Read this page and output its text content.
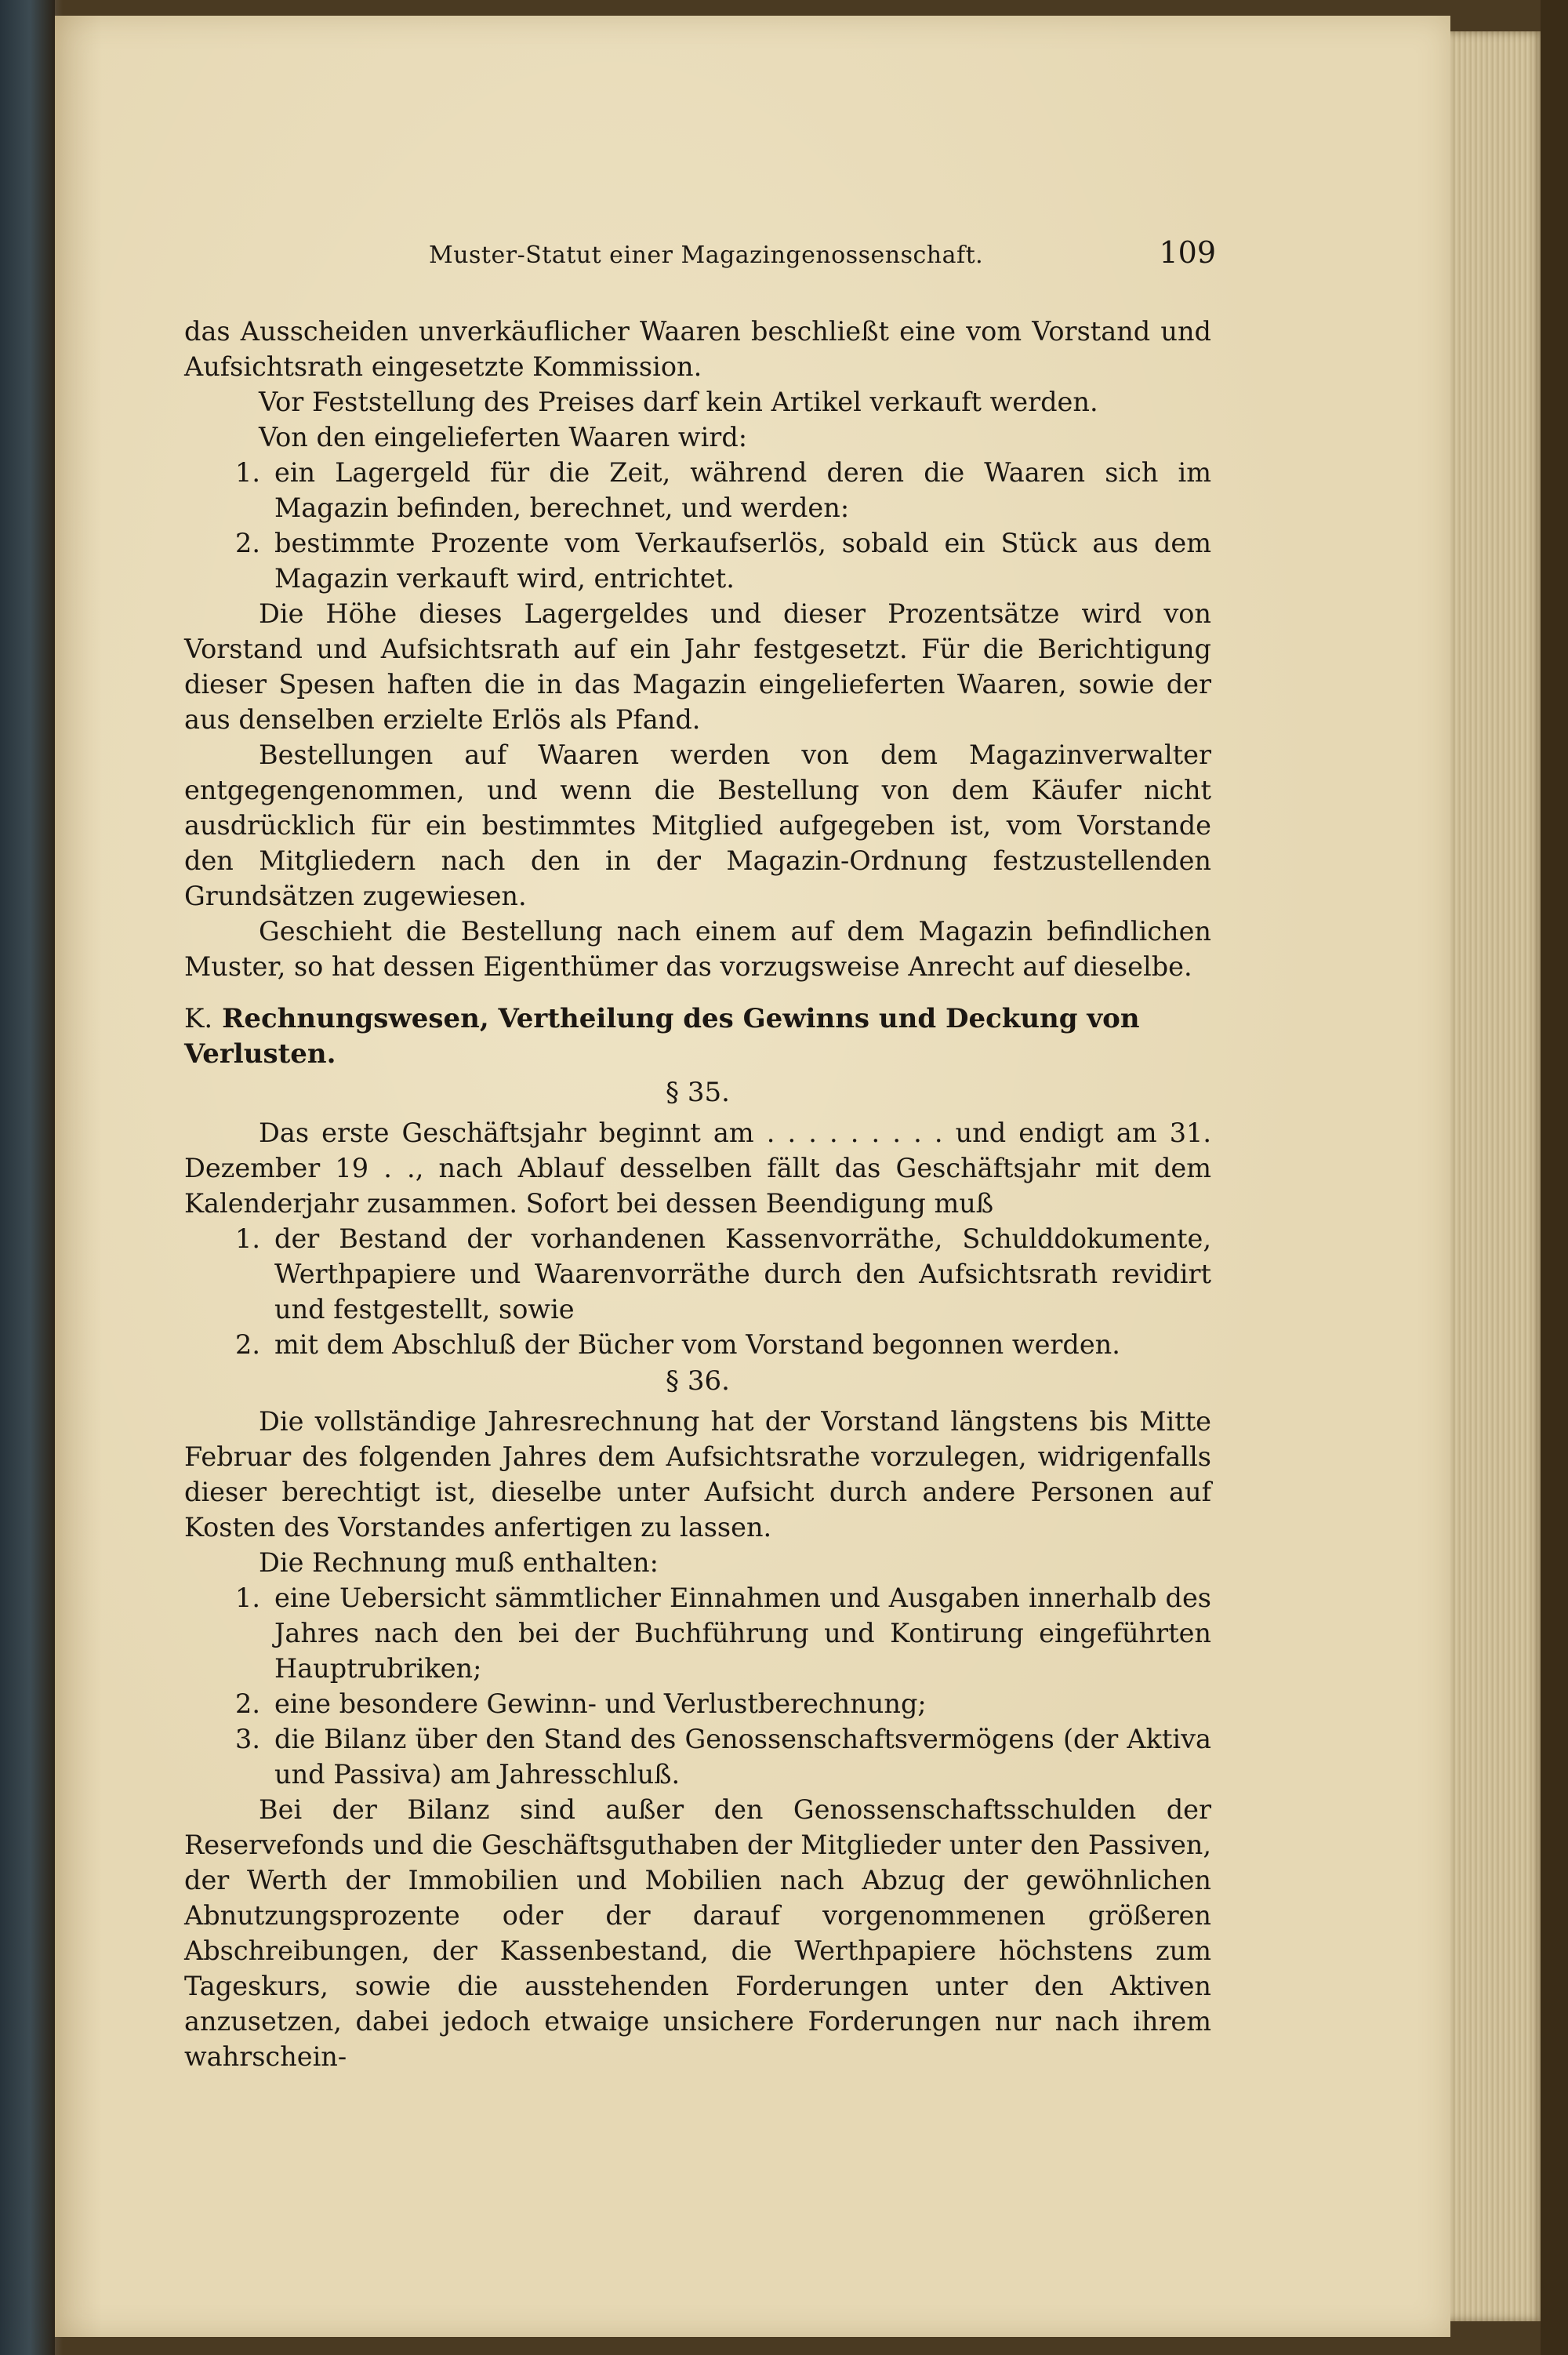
Muster-Statut einer Magazingenossenschaft.	109

das Ausscheiden unverkäuflicher Waaren beschließt eine vom Vorstand und Aufsichtsrath eingesetzte Kommission.

Vor Feststellung des Preises darf kein Artikel verkauft werden.

Von den eingelieferten Waaren wird:

1. ein Lagergeld für die Zeit, während deren die Waaren sich im Magazin befinden, berechnet, und werden:
2. bestimmte Prozente vom Verkaufserlös, sobald ein Stück aus dem Magazin verkauft wird, entrichtet.

Die Höhe dieses Lagergeldes und dieser Prozentsätze wird von Vorstand und Aufsichtsrath auf ein Jahr festgesetzt. Für die Berichtigung dieser Spesen haften die in das Magazin eingelieferten Waaren, sowie der aus denselben erzielte Erlös als Pfand.

Bestellungen auf Waaren werden von dem Magazinverwalter entgegengenommen, und wenn die Bestellung von dem Käufer nicht ausdrücklich für ein bestimmtes Mitglied aufgegeben ist, vom Vorstande den Mitgliedern nach den in der Magazin-Ordnung festzustellenden Grundsätzen zugewiesen.

Geschieht die Bestellung nach einem auf dem Magazin befindlichen Muster, so hat dessen Eigenthümer das vorzugsweise Anrecht auf dieselbe.

K. Rechnungswesen, Vertheilung des Gewinns und Deckung von Verlusten.
§ 35.

Das erste Geschäftsjahr beginnt am . . . . . . . . . und endigt am 31. Dezember 19 . ., nach Ablauf desselben fällt das Geschäftsjahr mit dem Kalenderjahr zusammen. Sofort bei dessen Beendigung muß

1. der Bestand der vorhandenen Kassenvorräthe, Schulddokumente, Werthpapiere und Waarenvorräthe durch den Aufsichtsrath revidirt und festgestellt, sowie
2. mit dem Abschluß der Bücher vom Vorstand begonnen werden.
§ 36.

Die vollständige Jahresrechnung hat der Vorstand längstens bis Mitte Februar des folgenden Jahres dem Aufsichtsrathe vorzulegen, widrigenfalls dieser berechtigt ist, dieselbe unter Aufsicht durch andere Personen auf Kosten des Vorstandes anfertigen zu lassen.

Die Rechnung muß enthalten:

1. eine Uebersicht sämmtlicher Einnahmen und Ausgaben innerhalb des Jahres nach den bei der Buchführung und Kontirung eingeführten Hauptrubriken;
2. eine besondere Gewinn- und Verlustberechnung;
3. die Bilanz über den Stand des Genossenschaftsvermögens (der Aktiva und Passiva) am Jahresschluß.

Bei der Bilanz sind außer den Genossenschaftsschulden der Reservefonds und die Geschäftsguthaben der Mitglieder unter den Passiven, der Werth der Immobilien und Mobilien nach Abzug der gewöhnlichen Abnutzungsprozente oder der darauf vorgenommenen größeren Abschreibungen, der Kassenbestand, die Werthpapiere höchstens zum Tageskurs, sowie die ausstehenden Forderungen unter den Aktiven anzusetzen, dabei jedoch etwaige unsichere Forderungen nur nach ihrem wahrschein-
